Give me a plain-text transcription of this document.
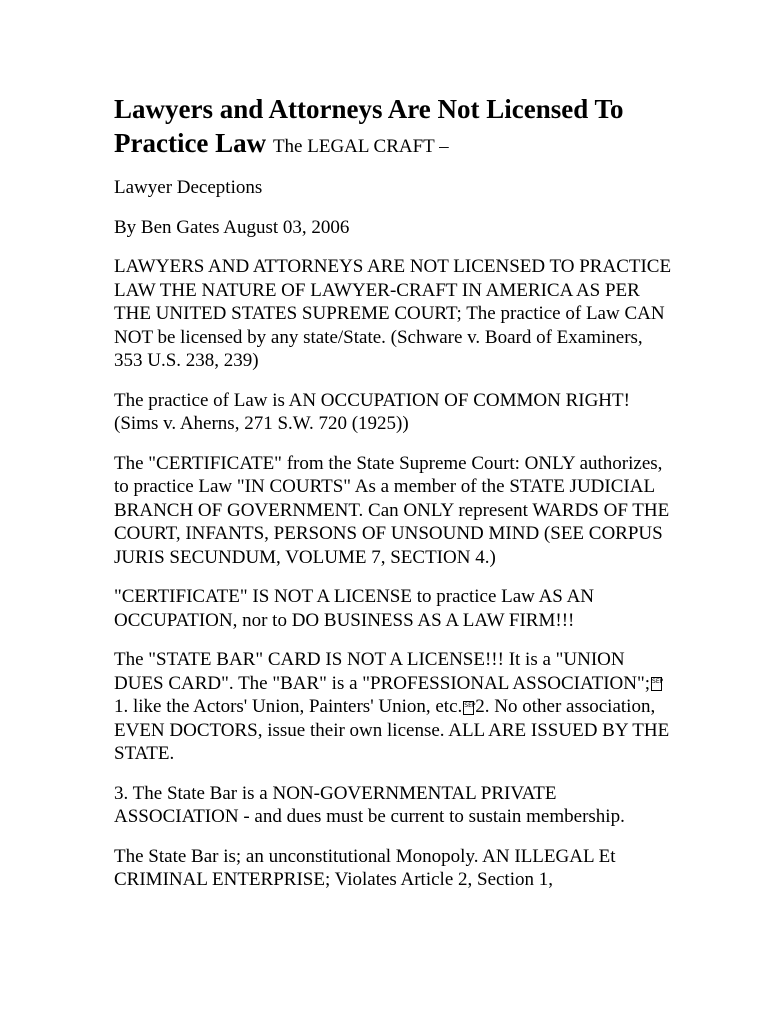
Lawyers and Attorneys Are Not Licensed To Practice Law The LEGAL CRAFT –

Lawyer Deceptions

By Ben Gates August 03, 2006

LAWYERS AND ATTORNEYS ARE NOT LICENSED TO PRACTICE LAW THE NATURE OF LAWYER-CRAFT IN AMERICA AS PER THE UNITED STATES SUPREME COURT; The practice of Law CAN NOT be licensed by any state/State. (Schware v. Board of Examiners, 353 U.S. 238, 239)

The practice of Law is AN OCCUPATION OF COMMON RIGHT! (Sims v. Aherns, 271 S.W. 720 (1925))

The "CERTIFICATE" from the State Supreme Court: ONLY authorizes, to practice Law "IN COURTS" As a member of the STATE JUDICIAL BRANCH OF GOVERNMENT. Can ONLY represent WARDS OF THE COURT, INFANTS, PERSONS OF UNSOUND MIND (SEE CORPUS JURIS SECUNDUM, VOLUME 7, SECTION 4.)

"CERTIFICATE" IS NOT A LICENSE to practice Law AS AN OCCUPATION, nor to DO BUSINESS AS A LAW FIRM!!!

The "STATE BAR" CARD IS NOT A LICENSE!!! It is a "UNION DUES CARD". The "BAR" is a "PROFESSIONAL ASSOCIATION"; SEP1. like the Actors' Union, Painters' Union, etc. SEP2. No other association, EVEN DOCTORS, issue their own license. ALL ARE ISSUED BY THE STATE.

3. The State Bar is a NON-GOVERNMENTAL PRIVATE ASSOCIATION - and dues must be current to sustain membership.

The State Bar is; an unconstitutional Monopoly. AN ILLEGAL Et CRIMINAL ENTERPRISE; Violates Article 2, Section 1,
